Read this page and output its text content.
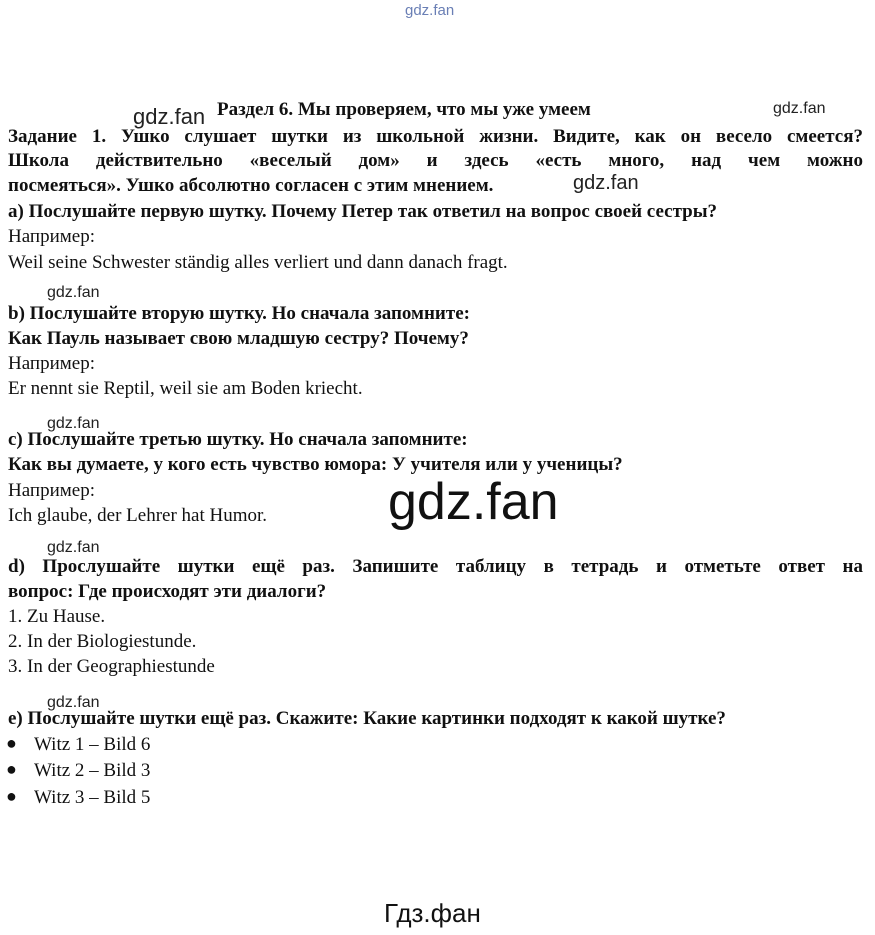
gdz.fan
gdz.fan	gdz.fan
gdz.fan
gdz.fan
gdz.fan
gdz.fan
gdz.fan
gdz.fan
Гдз.фан
Раздел 6. Мы проверяем, что мы уже умеем
Задание 1. Ушко слушает шутки из школьной жизни. Видите, как он весело смеется?
Школа действительно «веселый дом» и здесь «есть много, над чем можно
посмеяться». Ушко абсолютно согласен с этим мнением.
a) Послушайте первую шутку. Почему Петер так ответил на вопрос своей сестры?
Например:
Weil seine Schwester ständig alles verliert und dann danach fragt.
b) Послушайте вторую шутку. Но сначала запомните:
Как Пауль называет свою младшую сестру? Почему?
Например:
Er nennt sie Reptil, weil sie am Boden kriecht.
c) Послушайте третью шутку. Но сначала запомните:
Как вы думаете, у кого есть чувство юмора: У учителя или у ученицы?
Например:
Ich glaube, der Lehrer hat Humor.
d) Прослушайте шутки ещё раз. Запишите таблицу в тетрадь и отметьте ответ на
вопрос: Где происходят эти диалоги?
1. Zu Hause.
2. In der Biologiestunde.
3. In der Geographiestunde
e) Послушайте шутки ещё раз. Скажите: Какие картинки подходят к какой шутке?
● Witz 1 – Bild 6
● Witz 2 – Bild 3
● Witz 3 – Bild 5
